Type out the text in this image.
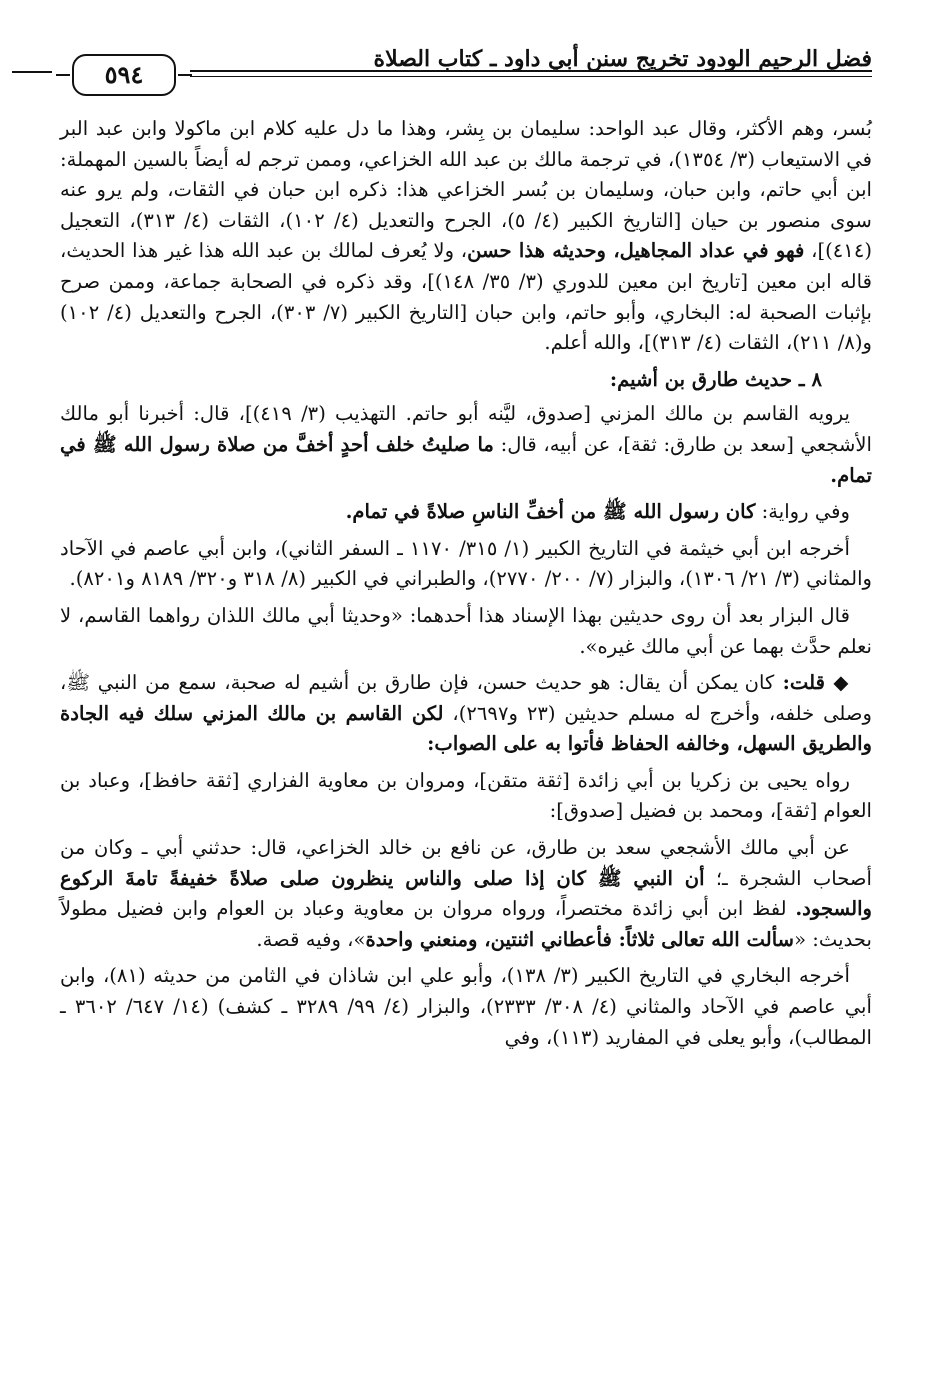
فضل الرحيم الودود تخريج سنن أبي داود ـ كتاب الصلاة
٥٩٤

بُسر، وهم الأكثر، وقال عبد الواحد: سليمان بن بِشر، وهذا ما دل عليه كلام ابن ماكولا وابن عبد البر في الاستيعاب (٣/ ١٣٥٤)، في ترجمة مالك بن عبد الله الخزاعي، وممن ترجم له أيضاً بالسين المهملة: ابن أبي حاتم، وابن حبان، وسليمان بن بُسر الخزاعي هذا: ذكره ابن حبان في الثقات، ولم يرو عنه سوى منصور بن حيان [التاريخ الكبير (٤/ ٥)، الجرح والتعديل (٤/ ١٠٢)، الثقات (٤/ ٣١٣)، التعجيل (٤١٤)]، فهو في عداد المجاهيل، وحديثه هذا حسن، ولا يُعرف لمالك بن عبد الله هذا غير هذا الحديث، قاله ابن معين [تاريخ ابن معين للدوري (٣/ ٣٥/ ١٤٨)]، وقد ذكره في الصحابة جماعة، وممن صرح بإثبات الصحبة له: البخاري، وأبو حاتم، وابن حبان [التاريخ الكبير (٧/ ٣٠٣)، الجرح والتعديل (٤/ ١٠٢) و(٨/ ٢١١)، الثقات (٤/ ٣١٣)]، والله أعلم.

٨ ـ حديث طارق بن أشيم:

يرويه القاسم بن مالك المزني [صدوق، ليَّنه أبو حاتم. التهذيب (٣/ ٤١٩)]، قال: أخبرنا أبو مالك الأشجعي [سعد بن طارق: ثقة]، عن أبيه، قال: ما صليتُ خلف أحدٍ أخفَّ من صلاة رسول الله ﷺ في تمام.

وفي رواية: كان رسول الله ﷺ من أخفِّ الناسِ صلاةً في تمام.

أخرجه ابن أبي خيثمة في التاريخ الكبير (١/ ٣١٥/ ١١٧٠ ـ السفر الثاني)، وابن أبي عاصم في الآحاد والمثاني (٣/ ٢١/ ١٣٠٦)، والبزار (٧/ ٢٠٠/ ٢٧٧٠)، والطبراني في الكبير (٨/ ٣١٨ و٣٢٠/ ٨١٨٩ و٨٢٠١).

قال البزار بعد أن روى حديثين بهذا الإسناد هذا أحدهما: «وحديثا أبي مالك اللذان رواهما القاسم، لا نعلم حدَّث بهما عن أبي مالك غيره».

◆ قلت: كان يمكن أن يقال: هو حديث حسن، فإن طارق بن أشيم له صحبة، سمع من النبي ﷺ، وصلى خلفه، وأخرج له مسلم حديثين (٢٣ و٢٦٩٧)، لكن القاسم بن مالك المزني سلك فيه الجادة والطريق السهل، وخالفه الحفاظ فأتوا به على الصواب:

رواه يحيى بن زكريا بن أبي زائدة [ثقة متقن]، ومروان بن معاوية الفزاري [ثقة حافظ]، وعباد بن العوام [ثقة]، ومحمد بن فضيل [صدوق]:

عن أبي مالك الأشجعي سعد بن طارق، عن نافع بن خالد الخزاعي، قال: حدثني أبي ـ وكان من أصحاب الشجرة ـ؛ أن النبي ﷺ كان إذا صلى والناس ينظرون صلى صلاةً خفيفةً تامةَ الركوع والسجود. لفظ ابن أبي زائدة مختصراً، ورواه مروان بن معاوية وعباد بن العوام وابن فضيل مطولاً بحديث: «سألت الله تعالى ثلاثاً: فأعطاني اثنتين، ومنعني واحدة»، وفيه قصة.

أخرجه البخاري في التاريخ الكبير (٣/ ١٣٨)، وأبو علي ابن شاذان في الثامن من حديثه (٨١)، وابن أبي عاصم في الآحاد والمثاني (٤/ ٣٠٨/ ٢٣٣٣)، والبزار (٤/ ٩٩/ ٣٢٨٩ ـ كشف) (١٤/ ٦٤٧/ ٣٦٠٢ ـ المطالب)، وأبو يعلى في المفاريد (١١٣)، وفي
